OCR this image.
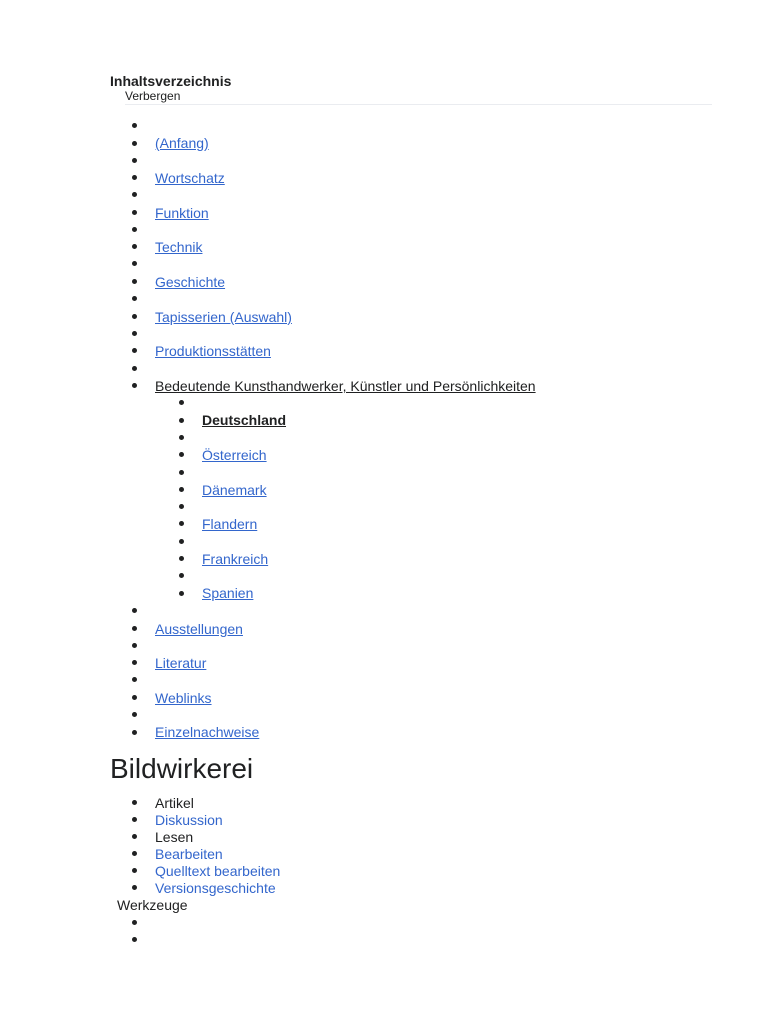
Inhaltsverzeichnis
Verbergen
(Anfang)
Wortschatz
Funktion
Technik
Geschichte
Tapisserien (Auswahl)
Produktionsstätten
Bedeutende Kunsthandwerker, Künstler und Persönlichkeiten
Deutschland
Österreich
Dänemark
Flandern
Frankreich
Spanien
Ausstellungen
Literatur
Weblinks
Einzelnachweise
Bildwirkerei
Artikel
Diskussion
Lesen
Bearbeiten
Quelltext bearbeiten
Versionsgeschichte
Werkzeuge
